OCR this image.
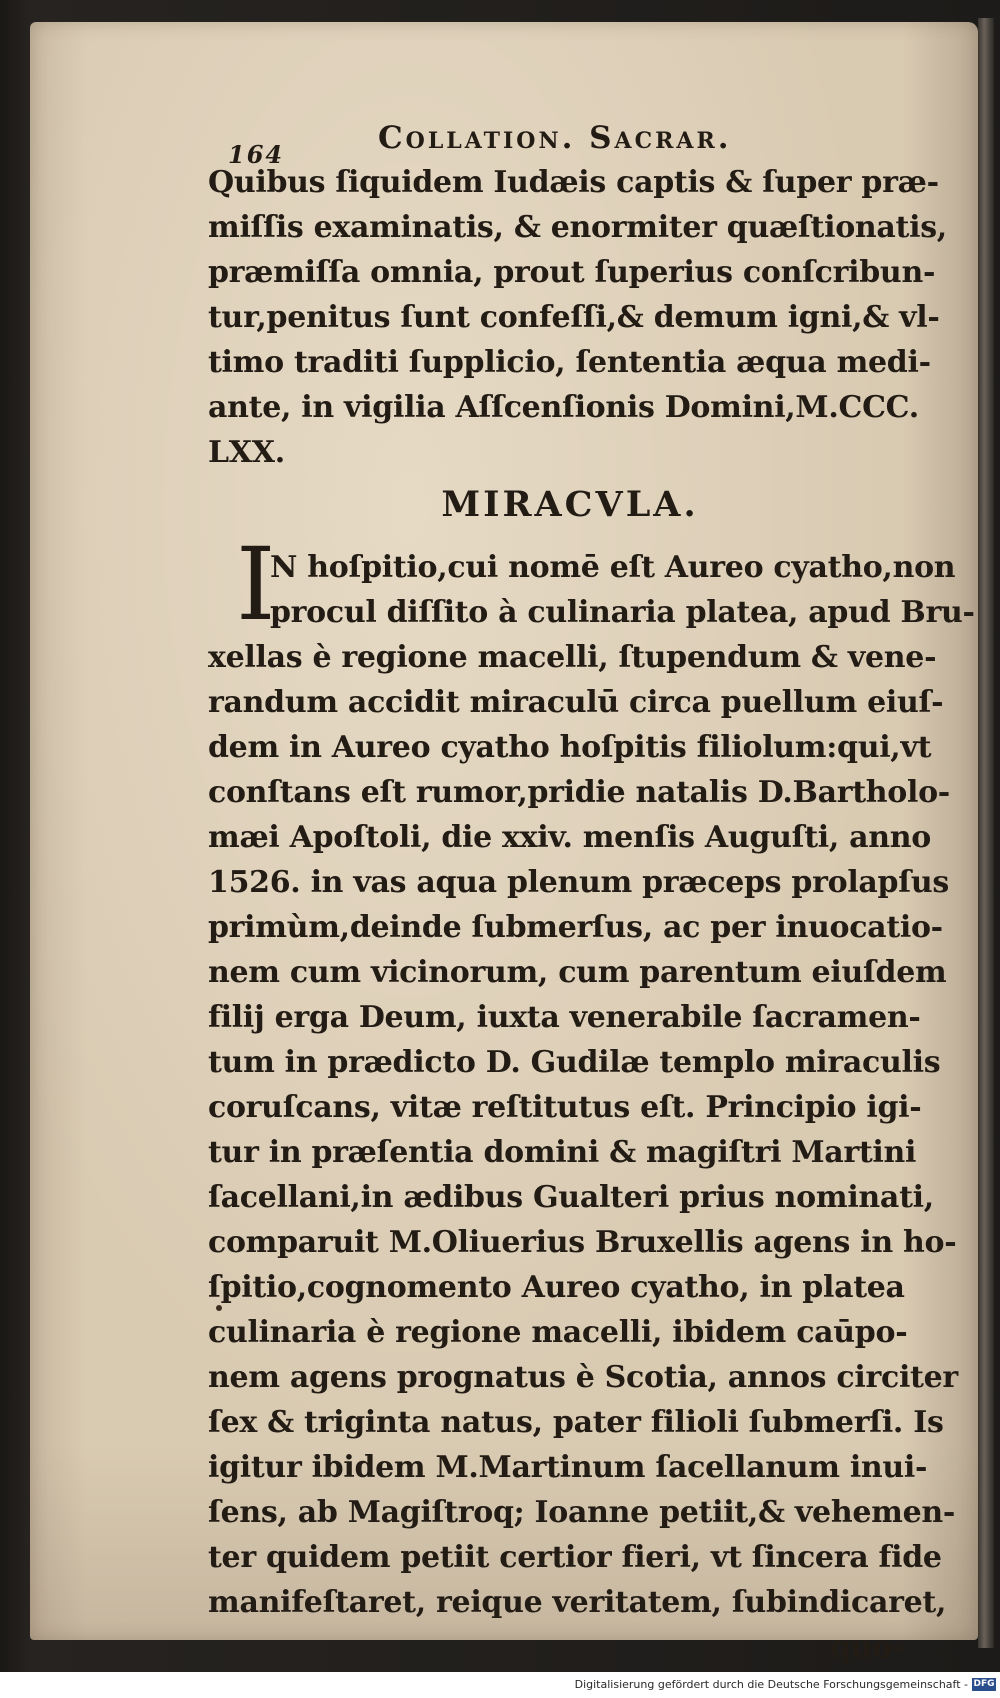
164	Collation. Sacrar.

Quibus ſiquidem Iudæis captis & ſuper præ-
miſſis examinatis, & enormiter quæſtionatis,
præmiſſa omnia, prout ſuperius conſcribun-
tur,penitus ſunt confeſſi,& demum igni,& vl-
timo traditi ſupplicio, ſententia æqua medi-
ante, in vigilia Aſſcenſionis Domini,M.CCC.
LXX.

MIRACVLA.

I
N hoſpitio,cui nomē eſt Aureo cyatho,non
procul diſſito à culinaria platea, apud Bru-
xellas è regione macelli, ſtupendum & vene-
randum accidit miraculū circa puellum eiuſ-
dem in Aureo cyatho hoſpitis filiolum:qui,vt
conſtans eſt rumor,pridie natalis D.Bartholo-
mæi Apoſtoli, die xxiv. menſis Auguſti, anno
1526. in vas aqua plenum præceps prolapſus
primùm,deinde ſubmerſus, ac per inuocatio-
nem cum vicinorum, cum parentum eiuſdem
filij erga Deum, iuxta venerabile ſacramen-
tum in prædicto D. Gudilæ templo miraculis
coruſcans, vitæ reſtitutus eſt. Principio igi-
tur in præſentia domini & magiſtri Martini
ſacellani,in ædibus Gualteri prius nominati,
comparuit M.Oliuerius Bruxellis agens in ho-
ſpitio,cognomento Aureo cyatho, in platea
culinaria è regione macelli, ibidem caūpo-
nem agens prognatus è Scotia, annos circiter
ſex & triginta natus, pater filioli ſubmerſi. Is
igitur ibidem M.Martinum ſacellanum inui-
ſens, ab Magiſtroq; Ioanne petiit,& vehemen-
ter quidem petiit certior fieri, vt ſincera fide
manifeſtaret, reique veritatem, ſubindicaret,
quo-

Digitalisierung gefördert durch die Deutsche Forschungsgemeinschaft - DFG
